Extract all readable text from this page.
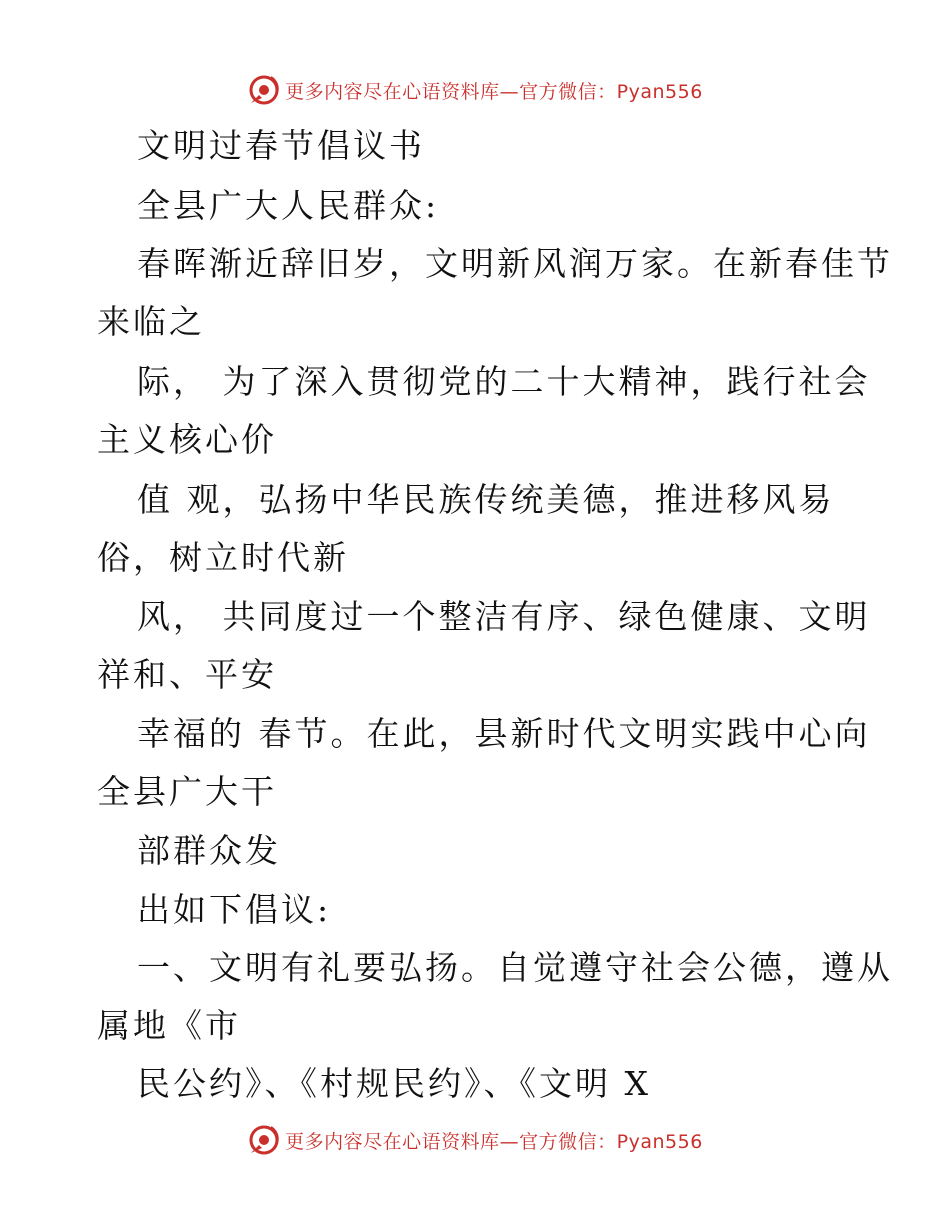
更多内容尽在心语资料库—官方微信：Pyan556
文明过春节倡议书
全县广大人民群众:
春晖渐近辞旧岁，文明新风润万家。在新春佳节
来临之
际， 为了深入贯彻党的二十大精神，践行社会
主义核心价
值 观，弘扬中华民族传统美德，推进移风易
俗，树立时代新
风， 共同度过一个整洁有序、绿色健康、文明
祥和、平安
幸福的 春节。在此，县新时代文明实践中心向
全县广大干
部群众发
出如下倡议:
一、文明有礼要弘扬。自觉遵守社会公德，遵从
属地《市
民公约》、《村规民约》、《文明 X
更多内容尽在心语资料库—官方微信：Pyan556
